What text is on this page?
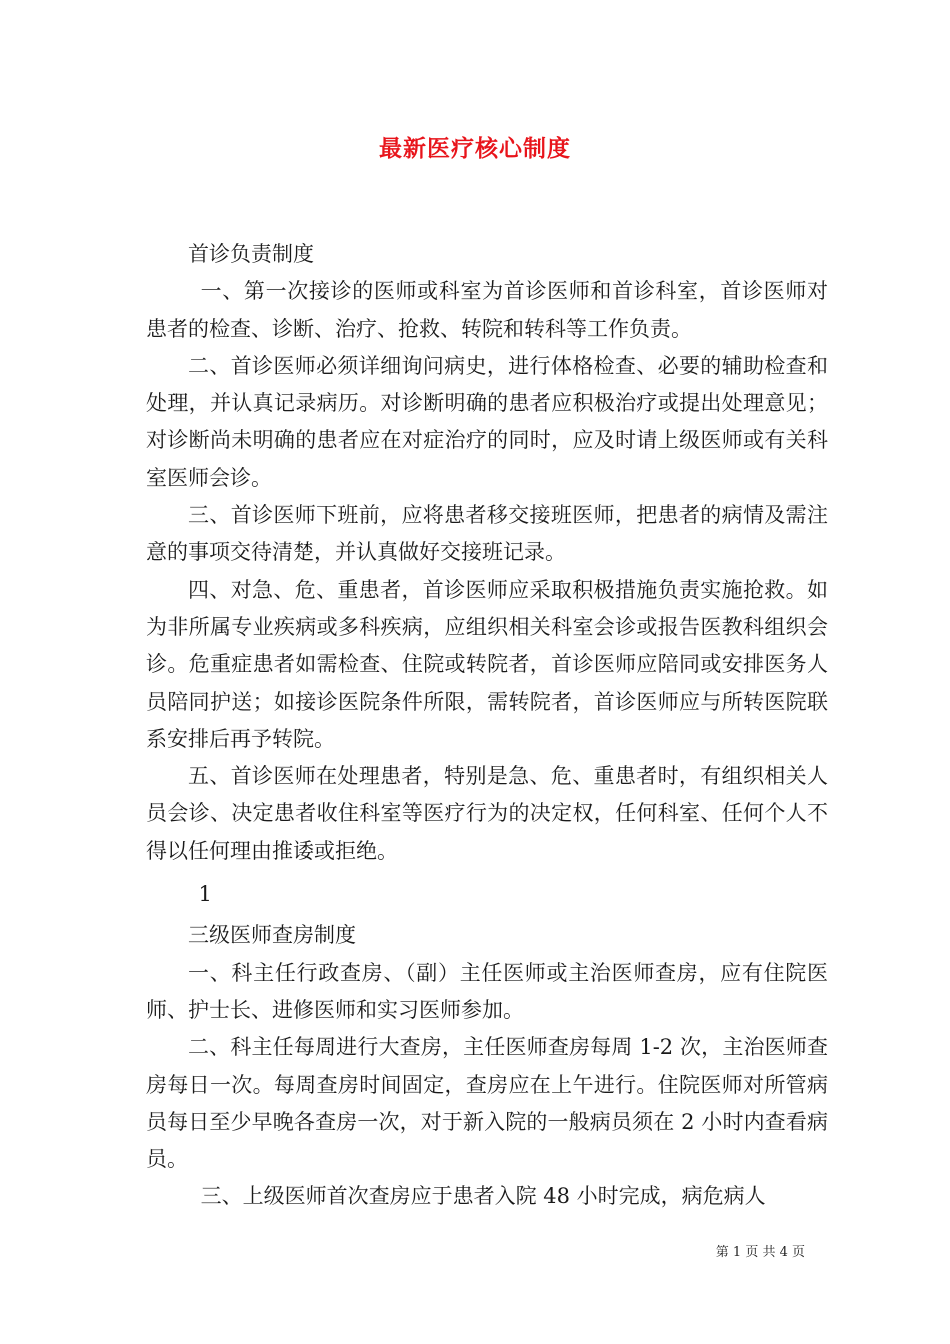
最新医疗核心制度

首诊负责制度

一、第一次接诊的医师或科室为首诊医师和首诊科室，首诊医师对患者的检查、诊断、治疗、抢救、转院和转科等工作负责。

二、首诊医师必须详细询问病史，进行体格检查、必要的辅助检查和处理，并认真记录病历。对诊断明确的患者应积极治疗或提出处理意见；对诊断尚未明确的患者应在对症治疗的同时，应及时请上级医师或有关科室医师会诊。

三、首诊医师下班前，应将患者移交接班医师，把患者的病情及需注意的事项交待清楚，并认真做好交接班记录。

四、对急、危、重患者，首诊医师应采取积极措施负责实施抢救。如为非所属专业疾病或多科疾病，应组织相关科室会诊或报告医教科组织会诊。危重症患者如需检查、住院或转院者，首诊医师应陪同或安排医务人员陪同护送；如接诊医院条件所限，需转院者，首诊医师应与所转医院联系安排后再予转院。

五、首诊医师在处理患者，特别是急、危、重患者时，有组织相关人员会诊、决定患者收住科室等医疗行为的决定权，任何科室、任何个人不得以任何理由推诿或拒绝。

1

三级医师查房制度

一、科主任行政查房、（副）主任医师或主治医师查房，应有住院医师、护士长、进修医师和实习医师参加。

二、科主任每周进行大查房，主任医师查房每周 1-2 次，主治医师查房每日一次。每周查房时间固定，查房应在上午进行。住院医师对所管病员每日至少早晚各查房一次，对于新入院的一般病员须在 2 小时内查看病员。

三、上级医师首次查房应于患者入院 48 小时完成，病危病人

第 1 页 共 4 页
